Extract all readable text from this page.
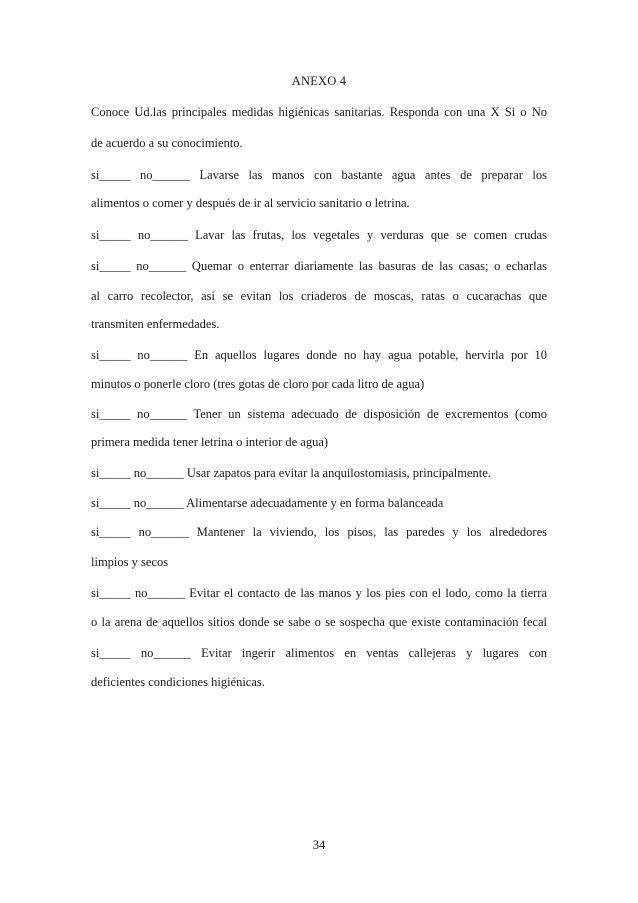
ANEXO 4
Conoce Ud.las principales medidas higiénicas sanitarias. Responda con una X Si o No
de acuerdo a su conocimiento.
si_____ no______ Lavarse las manos con bastante agua antes de preparar los
alimentos o comer y después de ir al servicio sanitario o letrina.
si_____ no______ Lavar las frutas, los vegetales y verduras que se comen crudas
si_____ no______ Quemar o enterrar diariamente las basuras de las casas; o echarlas
al carro recolector, así se evitan los criaderos de moscas, ratas o cucarachas que
transmiten enfermedades.
si_____ no______ En aquellos lugares donde no hay agua potable, hervirla por 10
minutos o ponerle cloro (tres gotas de cloro por cada litro de agua)
si_____ no______ Tener un sistema adecuado de disposición de excrementos (como
primera medida tener letrina o interior de agua)
si_____ no______ Usar zapatos para evitar la anquilostomiasis, principalmente.
si_____ no______ Alimentarse adecuadamente y en forma balanceada
si_____ no______ Mantener la viviendo, los pisos, las paredes y los alrededores
limpios y secos
si_____ no______ Evitar el contacto de las manos y los pies con el lodo, como la tierra
o la arena de aquellos sitios donde se sabe o se sospecha que existe contaminación fecal
si_____ no______ Evitar ingerir alimentos en ventas callejeras y lugares con
deficientes condiciones higiénicas.
34
